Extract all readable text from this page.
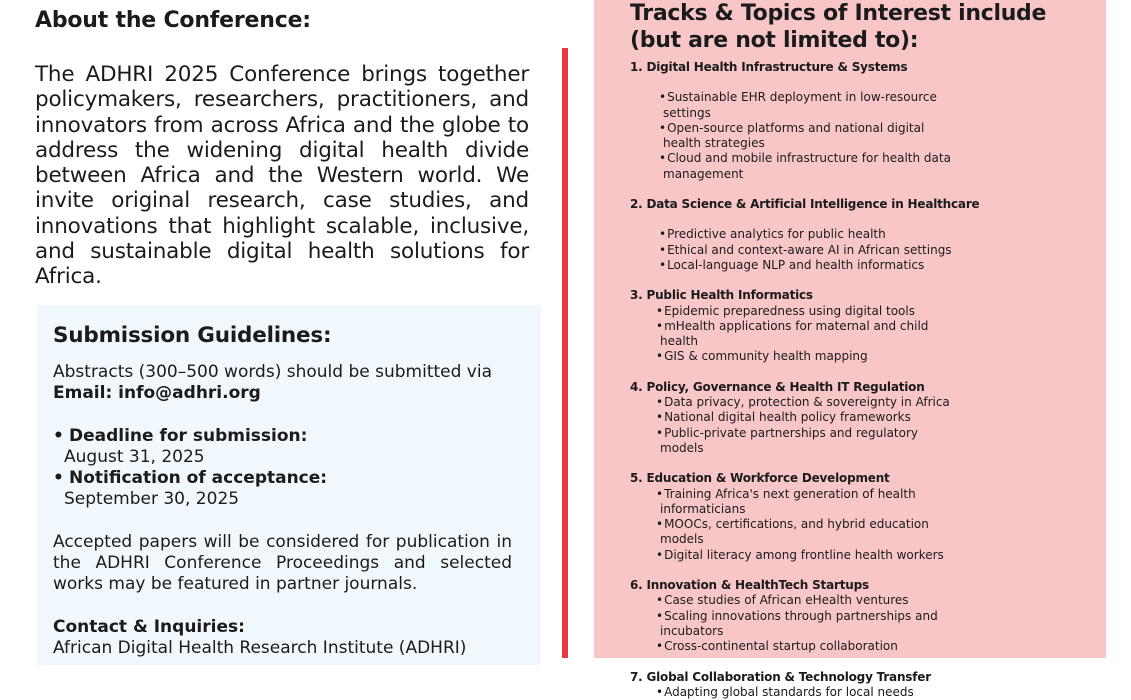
About the Conference:

The ADHRI 2025 Conference brings together policymakers, researchers, practitioners, and innovators from across Africa and the globe to address the widening digital health divide between Africa and the Western world. We invite original research, case studies, and innovations that highlight scalable, inclusive, and sustainable digital health solutions for Africa.

Submission Guidelines:

Abstracts (300–500 words) should be submitted via

Email: info@adhri.org
• Deadline for submission:
August 31, 2025
• Notification of acceptance:
September 30, 2025

Accepted papers will be considered for publication in the ADHRI Conference Proceedings and selected works may be featured in partner journals.

Contact & Inquiries:
African Digital Health Research Institute (ADHRI)
Tracks & Topics of Interest include
(but are not limited to):
1. Digital Health Infrastructure & Systems
•Sustainable EHR deployment in low-resource settings
•Open-source platforms and national digital health strategies
•Cloud and mobile infrastructure for health data management
2. Data Science & Artificial Intelligence in Healthcare
•Predictive analytics for public health
•Ethical and context-aware AI in African settings
•Local-language NLP and health informatics
3. Public Health Informatics
•Epidemic preparedness using digital tools
•mHealth applications for maternal and child health
•GIS & community health mapping
4. Policy, Governance & Health IT Regulation
•Data privacy, protection & sovereignty in Africa
•National digital health policy frameworks
•Public-private partnerships and regulatory models
5. Education & Workforce Development
•Training Africa's next generation of health informaticians
•MOOCs, certifications, and hybrid education models
•Digital literacy among frontline health workers
6. Innovation & HealthTech Startups
•Case studies of African eHealth ventures
•Scaling innovations through partnerships and incubators
•Cross-continental startup collaboration
7. Global Collaboration & Technology Transfer
•Adapting global standards for local needs
